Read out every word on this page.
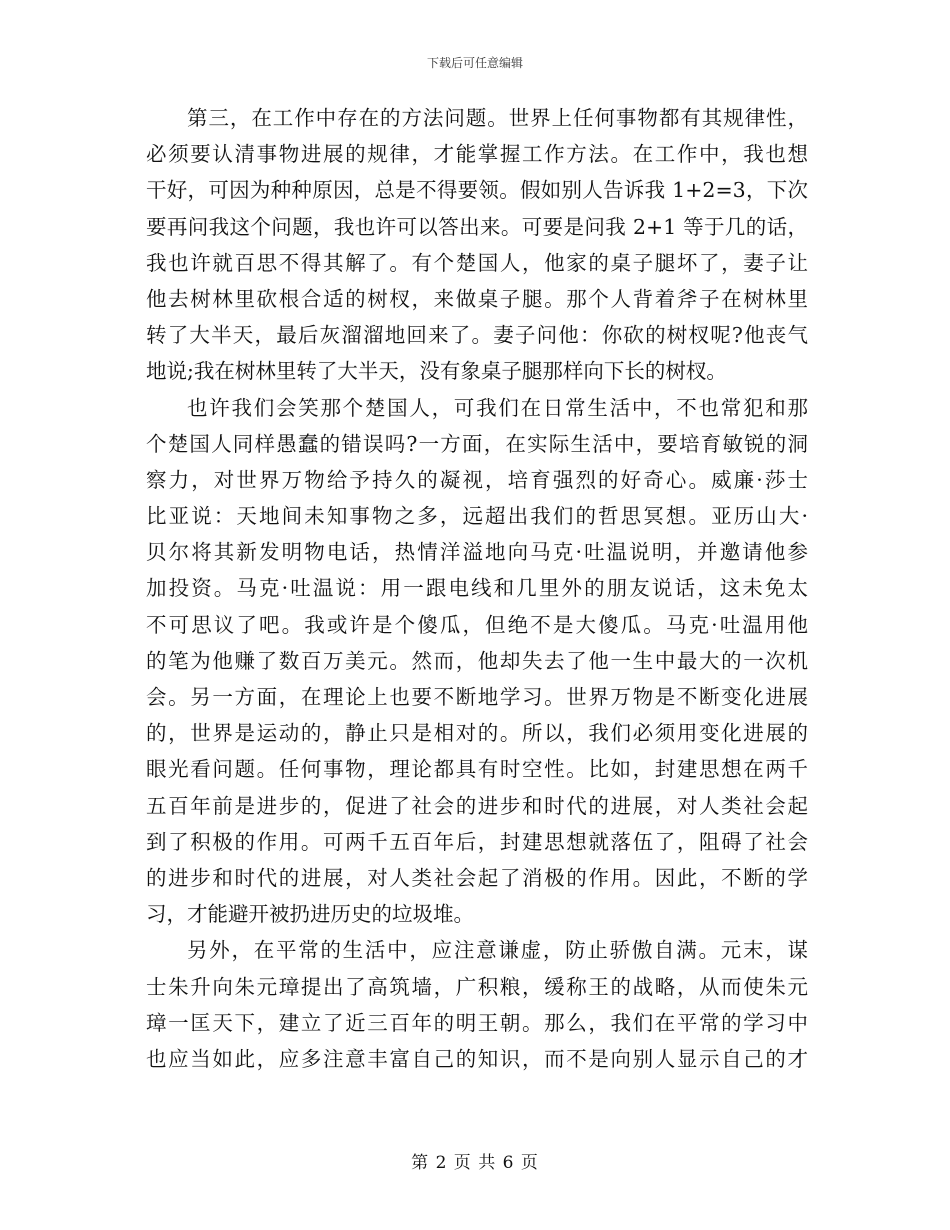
下载后可任意编辑
第三，在工作中存在的方法问题。世界上任何事物都有其规律性，
必须要认清事物进展的规律，才能掌握工作方法。在工作中，我也想
干好，可因为种种原因，总是不得要领。假如别人告诉我 1+2=3，下次
要再问我这个问题，我也许可以答出来。可要是问我 2+1 等于几的话，
我也许就百思不得其解了。有个楚国人，他家的桌子腿坏了，妻子让
他去树林里砍根合适的树杈，来做桌子腿。那个人背着斧子在树林里
转了大半天，最后灰溜溜地回来了。妻子问他：你砍的树杈呢?他丧气
地说;我在树林里转了大半天，没有象桌子腿那样向下长的树杈。
也许我们会笑那个楚国人，可我们在日常生活中，不也常犯和那
个楚国人同样愚蠢的错误吗?一方面，在实际生活中，要培育敏锐的洞
察力，对世界万物给予持久的凝视，培育强烈的好奇心。威廉·莎士
比亚说：天地间未知事物之多，远超出我们的哲思冥想。亚历山大·
贝尔将其新发明物电话，热情洋溢地向马克·吐温说明，并邀请他参
加投资。马克·吐温说：用一跟电线和几里外的朋友说话，这未免太
不可思议了吧。我或许是个傻瓜，但绝不是大傻瓜。马克·吐温用他
的笔为他赚了数百万美元。然而，他却失去了他一生中最大的一次机
会。另一方面，在理论上也要不断地学习。世界万物是不断变化进展
的，世界是运动的，静止只是相对的。所以，我们必须用变化进展的
眼光看问题。任何事物，理论都具有时空性。比如，封建思想在两千
五百年前是进步的，促进了社会的进步和时代的进展，对人类社会起
到了积极的作用。可两千五百年后，封建思想就落伍了，阻碍了社会
的进步和时代的进展，对人类社会起了消极的作用。因此，不断的学
习，才能避开被扔进历史的垃圾堆。
另外，在平常的生活中，应注意谦虚，防止骄傲自满。元末，谋
士朱升向朱元璋提出了高筑墙，广积粮，缓称王的战略，从而使朱元
璋一匡天下，建立了近三百年的明王朝。那么，我们在平常的学习中
也应当如此，应多注意丰富自己的知识，而不是向别人显示自己的才
第 2 页 共 6 页
